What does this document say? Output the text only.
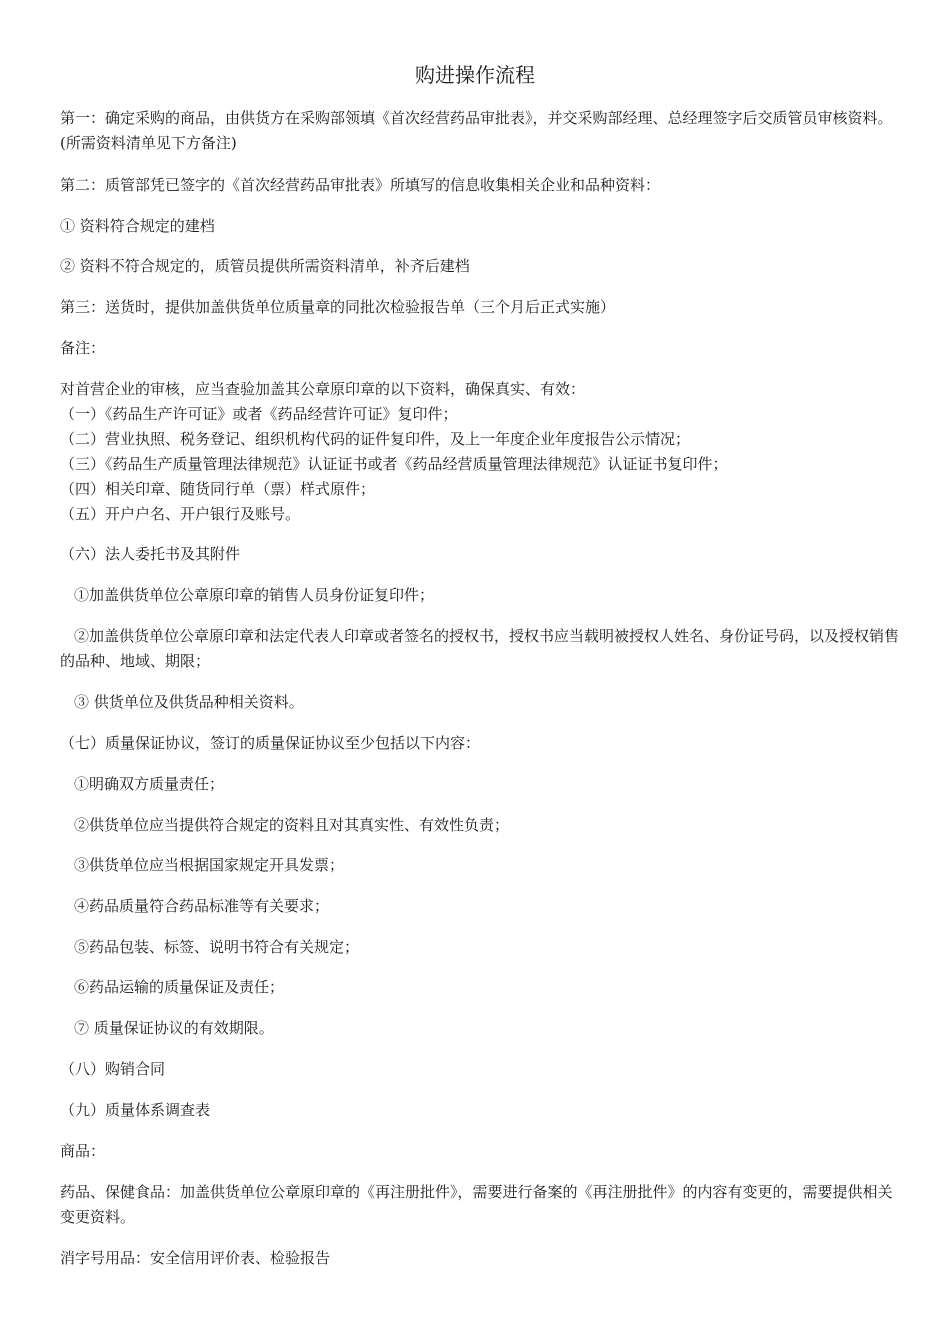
购进操作流程
第一：确定采购的商品，由供货方在采购部领填《首次经营药品审批表》，并交采购部经理、总经理签字后交质管员审核资料。(所需资料清单见下方备注)
第二：质管部凭已签字的《首次经营药品审批表》所填写的信息收集相关企业和品种资料：
① 资料符合规定的建档
② 资料不符合规定的，质管员提供所需资料清单，补齐后建档
第三：送货时，提供加盖供货单位质量章的同批次检验报告单（三个月后正式实施）
备注：
对首营企业的审核，应当查验加盖其公章原印章的以下资料，确保真实、有效：
（一）《药品生产许可证》或者《药品经营许可证》复印件；
（二）营业执照、税务登记、组织机构代码的证件复印件，及上一年度企业年度报告公示情况；
（三）《药品生产质量管理法律规范》认证证书或者《药品经营质量管理法律规范》认证证书复印件；
（四）相关印章、随货同行单（票）样式原件；
（五）开户户名、开户银行及账号。
（六）法人委托书及其附件
①加盖供货单位公章原印章的销售人员身份证复印件；
②加盖供货单位公章原印章和法定代表人印章或者签名的授权书，授权书应当载明被授权人姓名、身份证号码，以及授权销售的品种、地域、期限；
③ 供货单位及供货品种相关资料。
（七）质量保证协议，签订的质量保证协议至少包括以下内容：
①明确双方质量责任；
②供货单位应当提供符合规定的资料且对其真实性、有效性负责；
③供货单位应当根据国家规定开具发票；
④药品质量符合药品标准等有关要求；
⑤药品包装、标签、说明书符合有关规定；
⑥药品运输的质量保证及责任；
⑦ 质量保证协议的有效期限。
（八）购销合同
（九）质量体系调查表
商品：
药品、保健食品：加盖供货单位公章原印章的《再注册批件》，需要进行备案的《再注册批件》的内容有变更的，需要提供相关变更资料。
消字号用品：安全信用评价表、检验报告
